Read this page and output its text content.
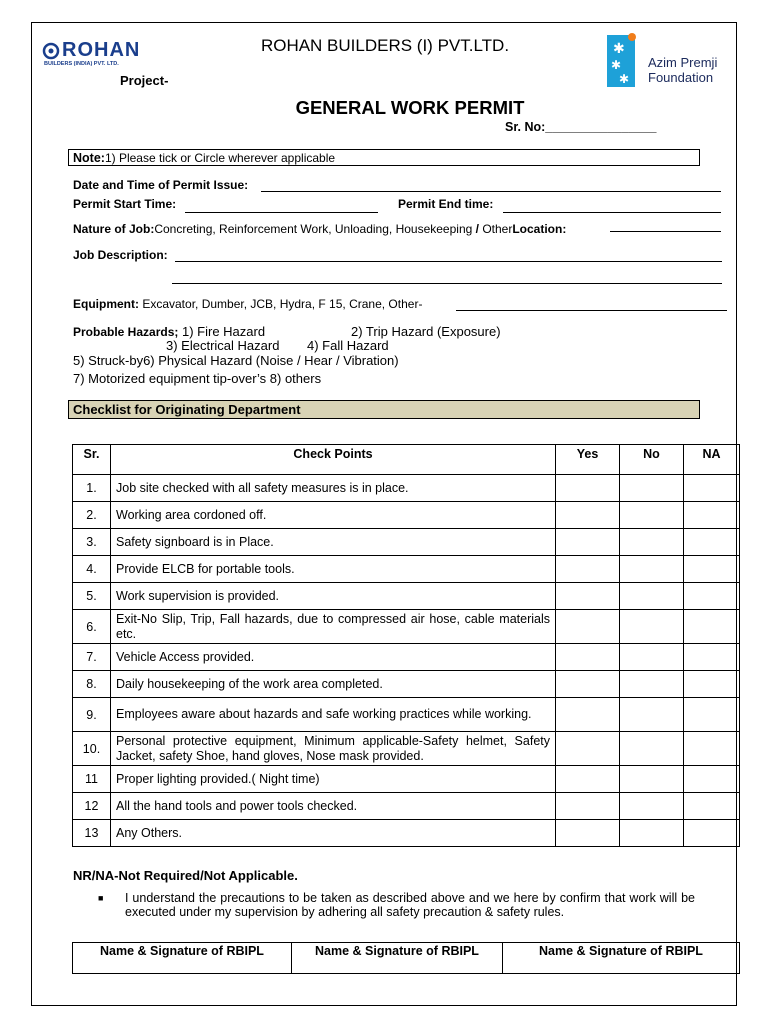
ROHAN
BUILDERS (INDIA) PVT. LTD.
ROHAN BUILDERS (I) PVT.LTD.	✱
✱
✱
Azim Premji
Foundation
Project-
GENERAL WORK PERMIT
Sr. No:________________
Note:1) Please tick or Circle wherever applicable
Date and Time of Permit Issue:
Permit Start Time:	Permit End time:
Nature of Job:Concreting, Reinforcement Work, Unloading, Housekeeping / OtherLocation:
Job Description:
Equipment: Excavator, Dumber, JCB, Hydra, F 15, Crane, Other-
Probable Hazards; 1) Fire Hazard	2) Trip Hazard (Exposure)
3) Electrical Hazard 4) Fall Hazard
5) Struck-by6) Physical Hazard (Noise / Hear / Vibration)
7) Motorized equipment tip-over’s 8) others
Checklist for Originating Department
Sr.	Check Points	Yes	No	NA
1.	Job site checked with all safety measures is in place.			
2.	Working area cordoned off.			
3.	Safety signboard is in Place.			
4.	Provide ELCB for portable tools.			
5.	Work supervision is provided.			
6.	Exit-No Slip, Trip, Fall hazards, due to compressed air hose, cable materials etc.			
7.	Vehicle Access provided.			
8.	Daily housekeeping of the work area completed.			
9.	Employees aware about hazards and safe working practices while working.			
10.	Personal protective equipment, Minimum applicable-Safety helmet, Safety Jacket, safety Shoe, hand gloves, Nose mask provided.			
11	Proper lighting provided.( Night time)			
12	All the hand tools and power tools checked.			
13	Any Others.			
NR/NA-Not Required/Not Applicable.
■ I understand the precautions to be taken as described above and we here by confirm that work will be executed under my supervision by adhering all safety precaution & safety rules.
Name & Signature of RBIPL	Name & Signature of RBIPL	Name & Signature of RBIPL
